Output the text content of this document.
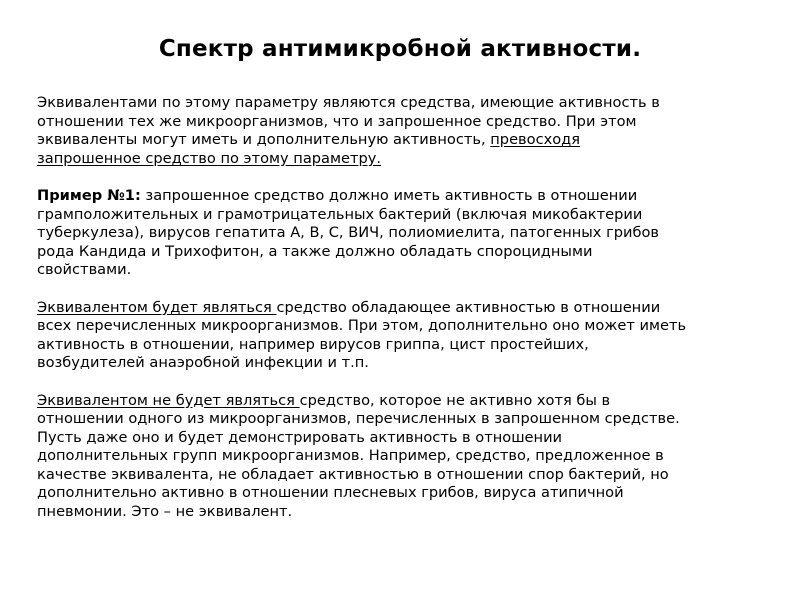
Спектр антимикробной активности.
Эквивалентами по этому параметру являются средства, имеющие активность в
отношении тех же микроорганизмов, что и запрошенное средство. При этом
эквиваленты могут иметь и дополнительную активность, превосходя
запрошенное средство по этому параметру.
Пример №1: запрошенное средство должно иметь активность в отношении
грамположительных и грамотрицательных бактерий (включая микобактерии
туберкулеза), вирусов гепатита А, В, С, ВИЧ, полиомиелита, патогенных грибов
рода Кандида и Трихофитон, а также должно обладать спороцидными
свойствами.
Эквивалентом будет являться средство обладающее активностью в отношении
всех перечисленных микроорганизмов. При этом, дополнительно оно может иметь
активность в отношении, например вирусов гриппа, цист простейших,
возбудителей анаэробной инфекции и т.п.
Эквивалентом не будет являться средство, которое не активно хотя бы в
отношении одного из микроорганизмов, перечисленных в запрошенном средстве.
Пусть даже оно и будет демонстрировать активность в отношении
дополнительных групп микроорганизмов. Например, средство, предложенное в
качестве эквивалента, не обладает активностью в отношении спор бактерий, но
дополнительно активно в отношении плесневых грибов, вируса атипичной
пневмонии. Это – не эквивалент.
